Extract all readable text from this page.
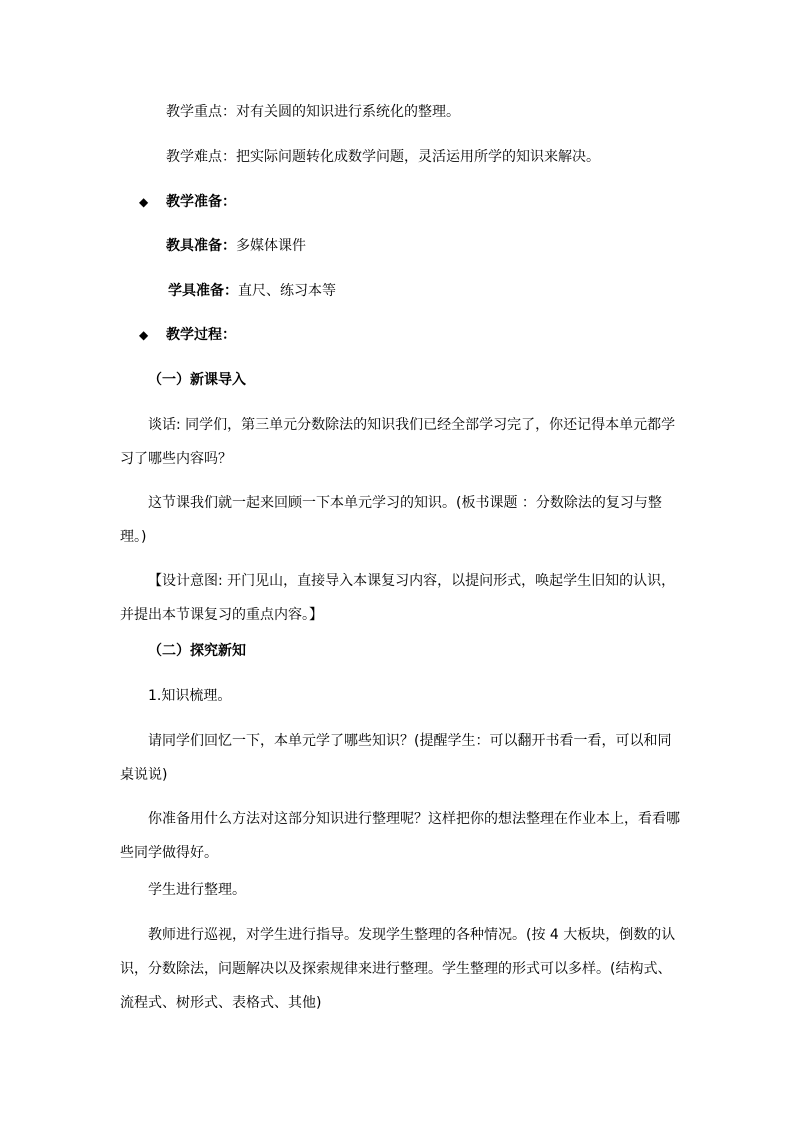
教学重点：对有关圆的知识进行系统化的整理。
教学难点：把实际问题转化成数学问题，灵活运用所学的知识来解决。
◆ 教学准备：
教具准备：多媒体课件
学具准备：直尺、练习本等
◆ 教学过程：
（一）新课导入
谈话: 同学们，第三单元分数除法的知识我们已经全部学习完了，你还记得本单元都学
习了哪些内容吗？
这节课我们就一起来回顾一下本单元学习的知识。(板书课题 ：分数除法的复习与整
理。)
【设计意图: 开门见山，直接导入本课复习内容，以提问形式，唤起学生旧知的认识，
并提出本节课复习的重点内容。】
（二）探究新知
1.知识梳理。
请同学们回忆一下，本单元学了哪些知识？(提醒学生：可以翻开书看一看，可以和同
桌说说)
你准备用什么方法对这部分知识进行整理呢？这样把你的想法整理在作业本上，看看哪
些同学做得好。
学生进行整理。
教师进行巡视，对学生进行指导。发现学生整理的各种情况。(按 4 大板块，倒数的认
识，分数除法，问题解决以及探索规律来进行整理。学生整理的形式可以多样。(结构式、
流程式、树形式、表格式、其他)
